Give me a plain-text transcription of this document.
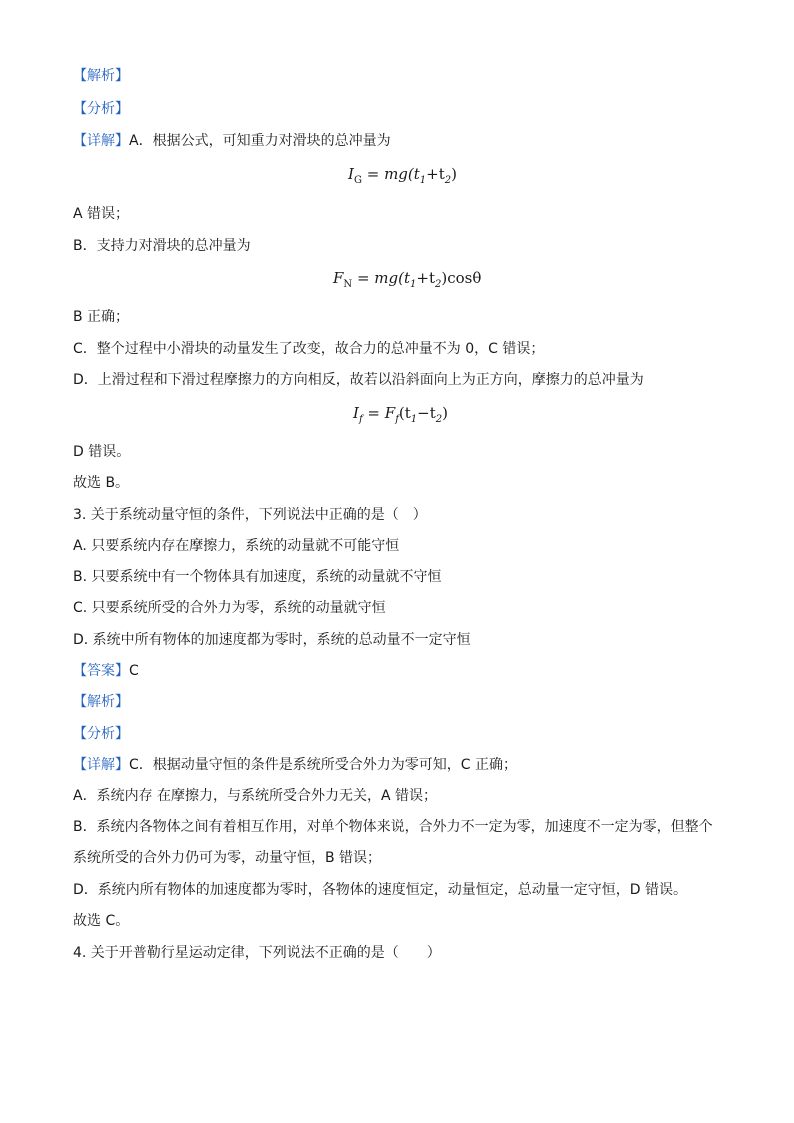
【解析】
【分析】
【详解】A．根据公式，可知重力对滑块的总冲量为
$I_G = mg(t_1+t_2)$
A 错误；
B．支持力对滑块的总冲量为
$F_N = mg(t_1+t_2)\cos\theta$
B 正确；
C．整个过程中小滑块的动量发生了改变，故合力的总冲量不为 0，C 错误；
D．上滑过程和下滑过程摩擦力的方向相反，故若以沿斜面向上为正方向，摩擦力的总冲量为
$I_f = F_f(t_1-t_2)$
D 错误。
故选 B。
3. 关于系统动量守恒的条件，下列说法中正确的是（　）
A. 只要系统内存在摩擦力，系统的动量就不可能守恒
B. 只要系统中有一个物体具有加速度，系统的动量就不守恒
C. 只要系统所受的合外力为零，系统的动量就守恒
D. 系统中所有物体的加速度都为零时，系统的总动量不一定守恒
【答案】C
【解析】
【分析】
【详解】C．根据动量守恒的条件是系统所受合外力为零可知，C 正确；
A．系统内存 在摩擦力，与系统所受合外力无关，A 错误；
B．系统内各物体之间有着相互作用，对单个物体来说，合外力不一定为零，加速度不一定为零，但整个
系统所受的合外力仍可为零，动量守恒，B 错误；
D．系统内所有物体的加速度都为零时，各物体的速度恒定，动量恒定，总动量一定守恒，D 错误。
故选 C。
4. 关于开普勒行星运动定律，下列说法不正确的是（　　）
